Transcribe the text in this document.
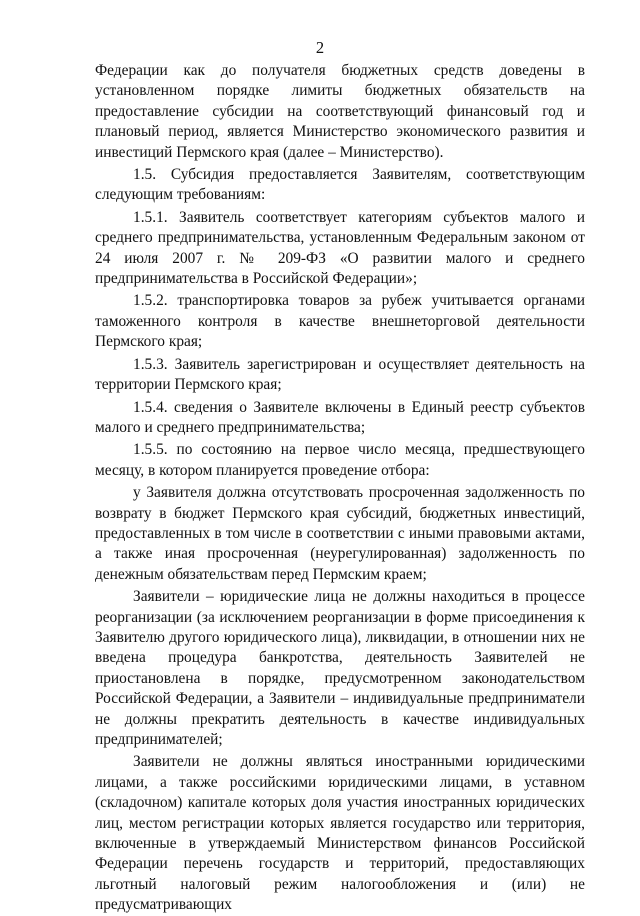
2

Федерации как до получателя бюджетных средств доведены в установленном порядке лимиты бюджетных обязательств на предоставление субсидии на соответствующий финансовый год и плановый период, является Министерство экономического развития и инвестиций Пермского края (далее – Министерство).

1.5. Субсидия предоставляется Заявителям, соответствующим следующим требованиям:

1.5.1. Заявитель соответствует категориям субъектов малого и среднего предпринимательства, установленным Федеральным законом от 24 июля 2007 г. № 209-ФЗ «О развитии малого и среднего предпринимательства в Российской Федерации»;

1.5.2. транспортировка товаров за рубеж учитывается органами таможенного контроля в качестве внешнеторговой деятельности Пермского края;

1.5.3. Заявитель зарегистрирован и осуществляет деятельность на территории Пермского края;

1.5.4. сведения о Заявителе включены в Единый реестр субъектов малого и среднего предпринимательства;

1.5.5. по состоянию на первое число месяца, предшествующего месяцу, в котором планируется проведение отбора:

у Заявителя должна отсутствовать просроченная задолженность по возврату в бюджет Пермского края субсидий, бюджетных инвестиций, предоставленных в том числе в соответствии с иными правовыми актами, а также иная просроченная (неурегулированная) задолженность по денежным обязательствам перед Пермским краем;

Заявители – юридические лица не должны находиться в процессе реорганизации (за исключением реорганизации в форме присоединения к Заявителю другого юридического лица), ликвидации, в отношении них не введена процедура банкротства, деятельность Заявителей не приостановлена в порядке, предусмотренном законодательством Российской Федерации, а Заявители – индивидуальные предприниматели не должны прекратить деятельность в качестве индивидуальных предпринимателей;

Заявители не должны являться иностранными юридическими лицами, а также российскими юридическими лицами, в уставном (складочном) капитале которых доля участия иностранных юридических лиц, местом регистрации которых является государство или территория, включенные в утверждаемый Министерством финансов Российской Федерации перечень государств и территорий, предоставляющих льготный налоговый режим налогообложения и (или) не предусматривающих
